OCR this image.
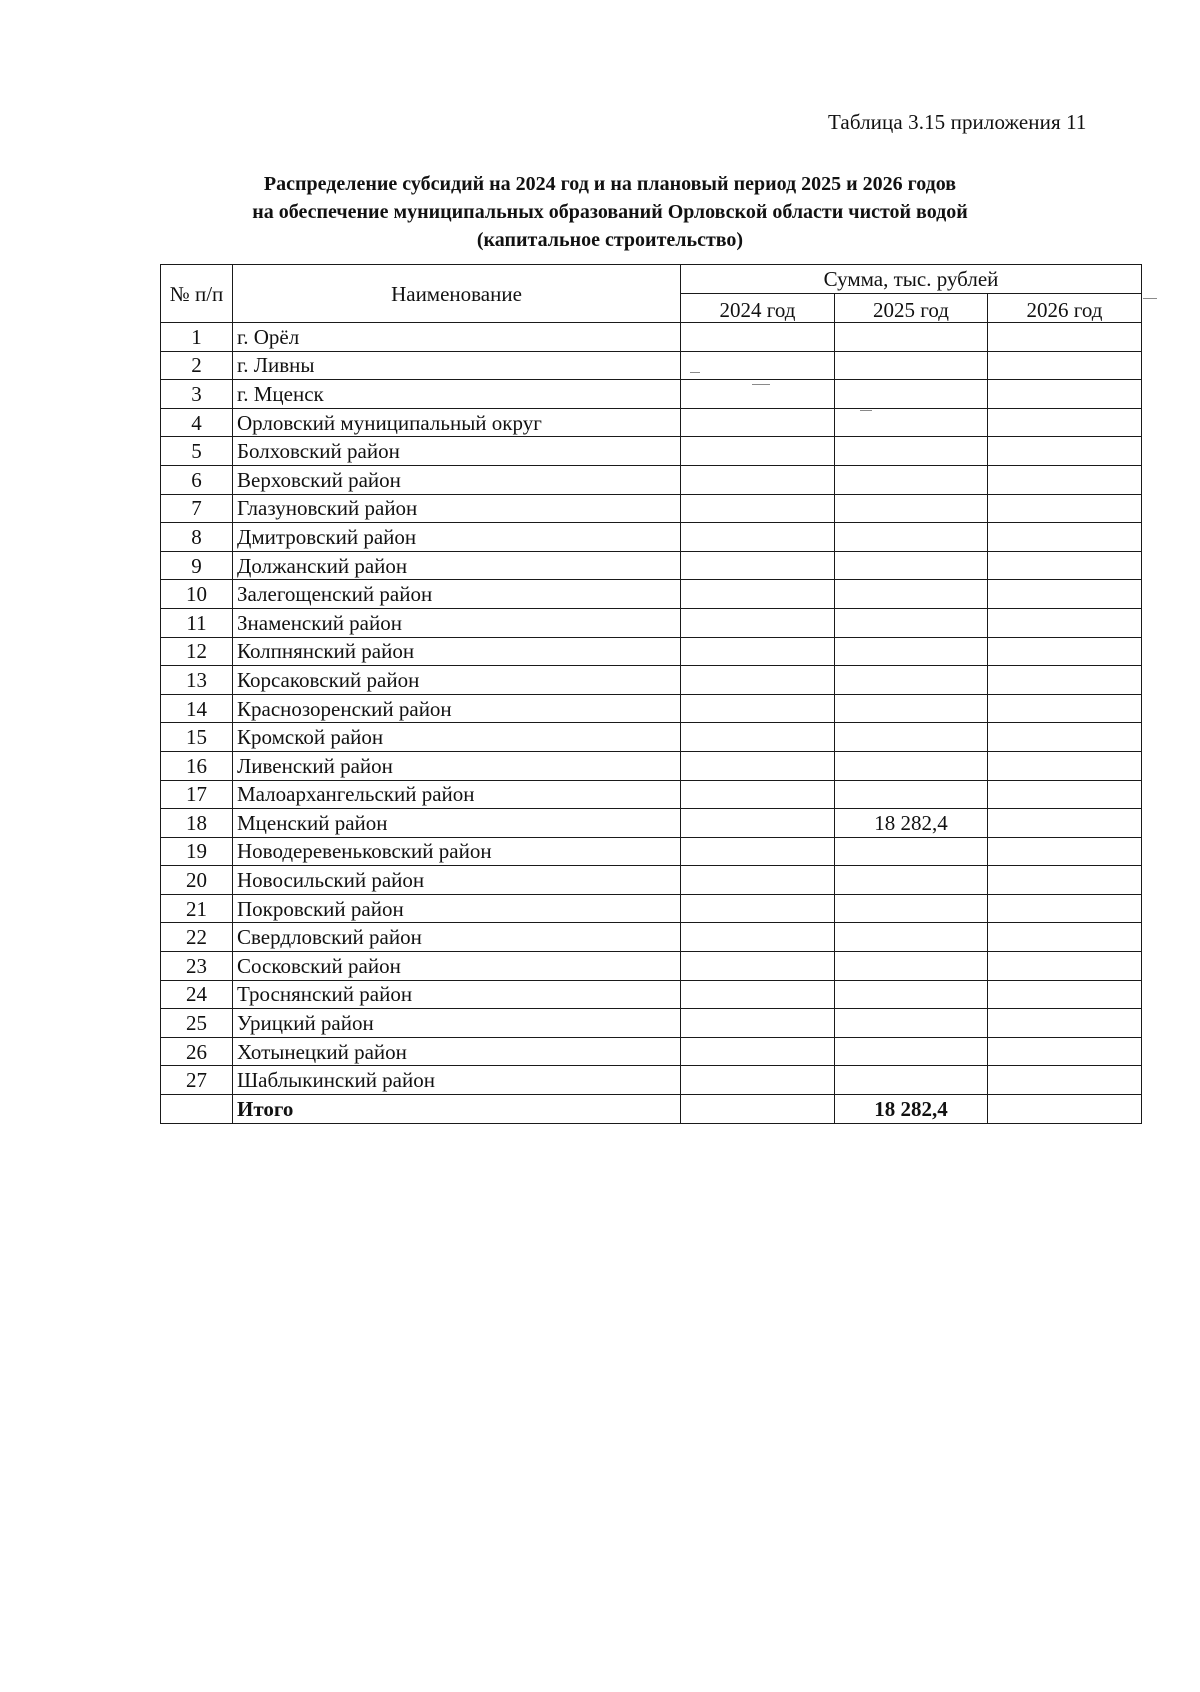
Таблица 3.15 приложения 11
Распределение субсидий на 2024 год и на плановый период 2025 и 2026 годов
на обеспечение муниципальных образований Орловской области чистой водой
(капитальное строительство)
№ п/п	Наименование	Сумма, тыс. рублей		
		2024 год	2025 год	2026 год
1	г. Орёл			
2	г. Ливны			
3	г. Мценск			
4	Орловский муниципальный округ			
5	Болховский район			
6	Верховский район			
7	Глазуновский район			
8	Дмитровский район			
9	Должанский район			
10	Залегощенский район			
11	Знаменский район			
12	Колпнянский район			
13	Корсаковский район			
14	Краснозоренский район			
15	Кромской район			
16	Ливенский район			
17	Малоархангельский район			
18	Мценский район		18 282,4	
19	Новодеревеньковский район			
20	Новосильский район			
21	Покровский район			
22	Свердловский район			
23	Сосковский район			
24	Троснянский район			
25	Урицкий район			
26	Хотынецкий район			
27	Шаблыкинский район			
	Итого		18 282,4	
